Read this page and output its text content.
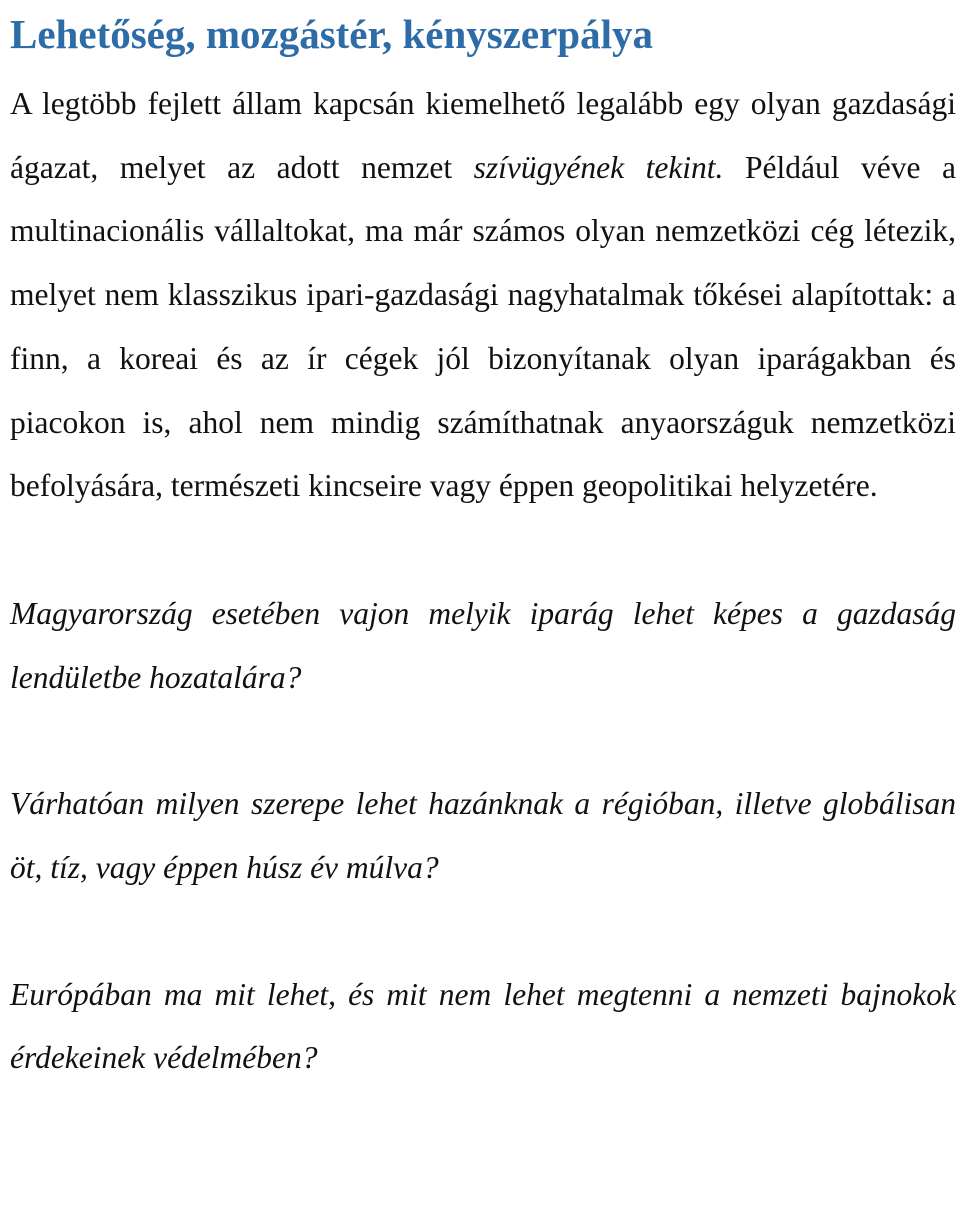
Lehetőség, mozgástér, kényszerpálya

A legtöbb fejlett állam kapcsán kiemelhető legalább egy olyan gazdasági ágazat, melyet az adott nemzet szívügyének tekint. Például véve a multinacionális vállaltokat, ma már számos olyan nemzetközi cég létezik, melyet nem klasszikus ipari-gazdasági nagyhatalmak tőkései alapítottak: a finn, a koreai és az ír cégek jól bizonyítanak olyan iparágakban és piacokon is, ahol nem mindig számíthatnak anyaországuk nemzetközi befolyására, természeti kincseire vagy éppen geopolitikai helyzetére.

Magyarország esetében vajon melyik iparág lehet képes a gazdaság lendületbe hozatalára?

Várhatóan milyen szerepe lehet hazánknak a régióban, illetve globálisan öt, tíz, vagy éppen húsz év múlva?

Európában ma mit lehet, és mit nem lehet megtenni a nemzeti bajnokok érdekeinek védelmében?
